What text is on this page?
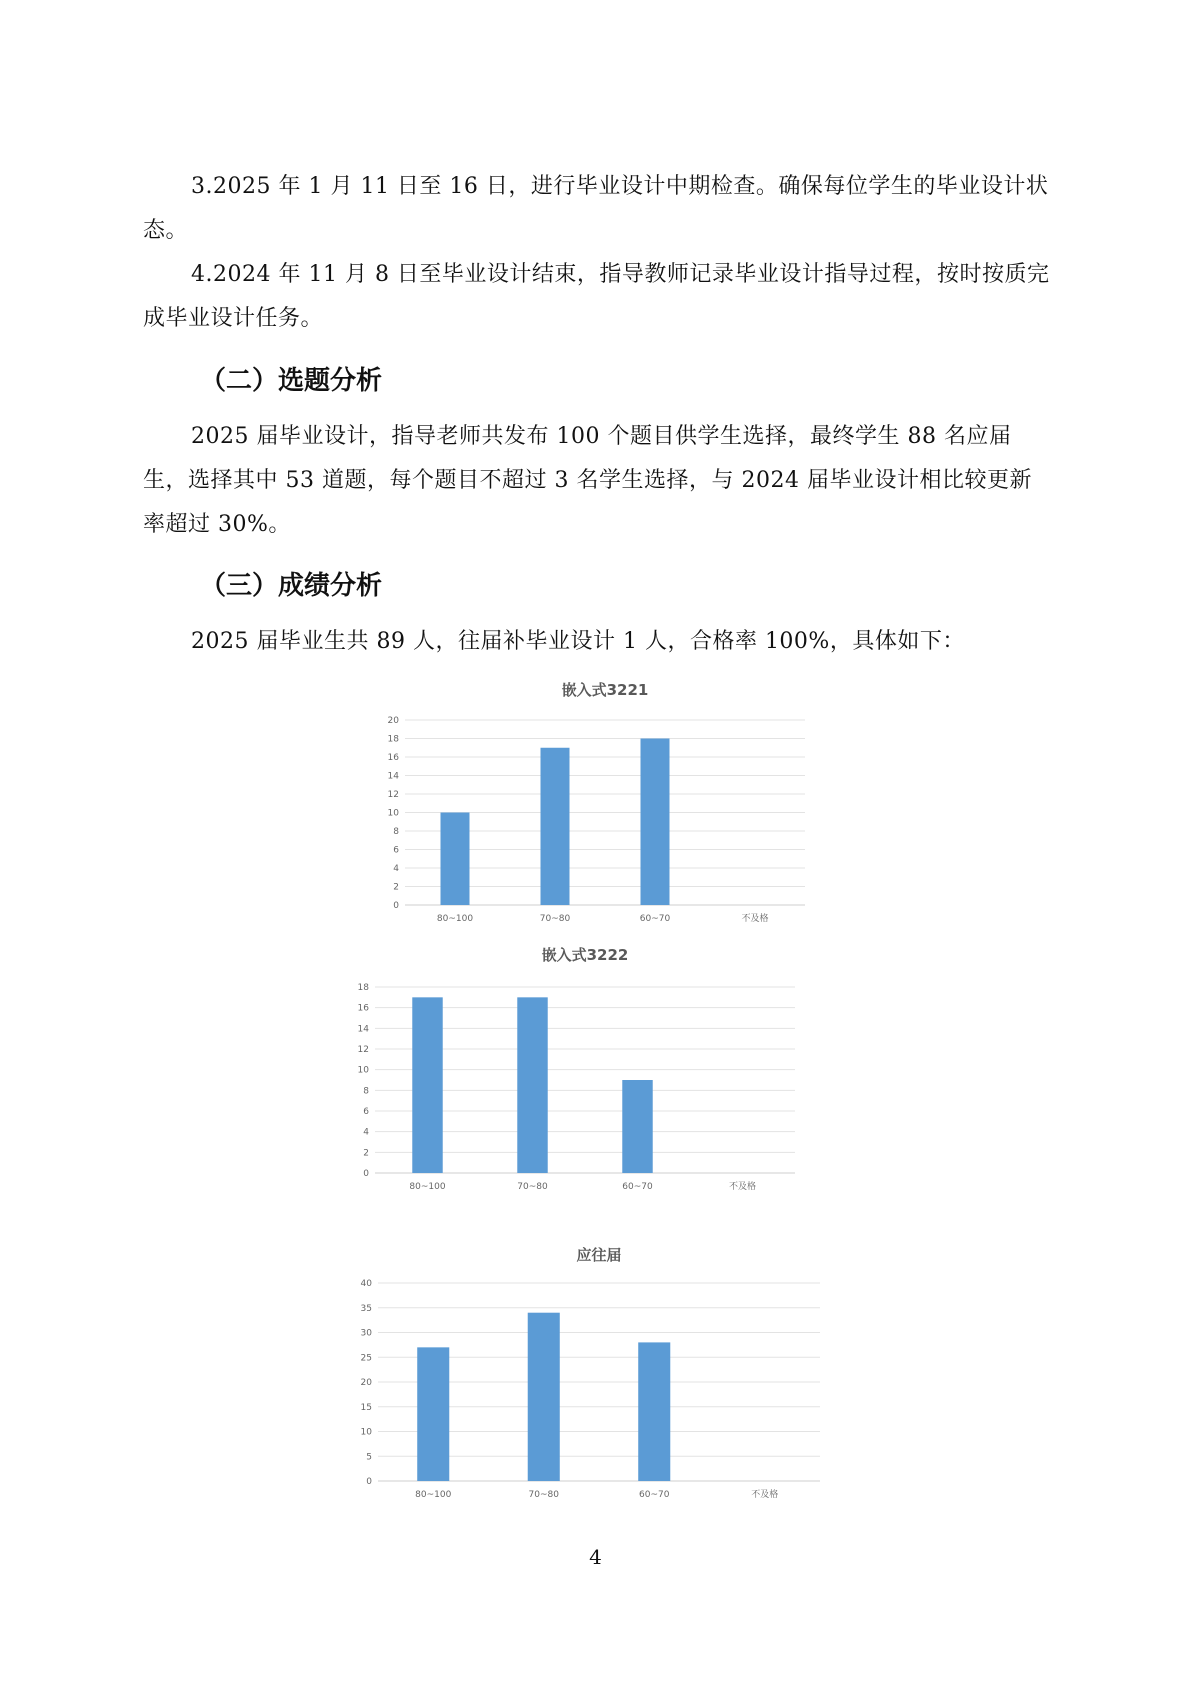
3.2025 年 1 月 11 日至 16 日，进行毕业设计中期检查。确保每位学生的毕业设计状态。

4.2024 年 11 月 8 日至毕业设计结束，指导教师记录毕业设计指导过程，按时按质完成毕业设计任务。

（二）选题分析

2025 届毕业设计，指导老师共发布 100 个题目供学生选择，最终学生 88 名应届生，选择其中 53 道题，每个题目不超过 3 名学生选择，与 2024 届毕业设计相比较更新率超过 30%。

（三）成绩分析

2025 届毕业生共 89 人，往届补毕业设计 1 人，合格率 100%，具体如下：

嵌入式3221
0
2
4
6
8
10
12
14
16
18
20
80~100	70~80	60~70	不及格
嵌入式3222
0
2
4
6
8
10
12
14
16
18
80~100	70~80	60~70	不及格
应往届
0
5
10
15
20
25
30
35
40
80~100	70~80	60~70	不及格
4
